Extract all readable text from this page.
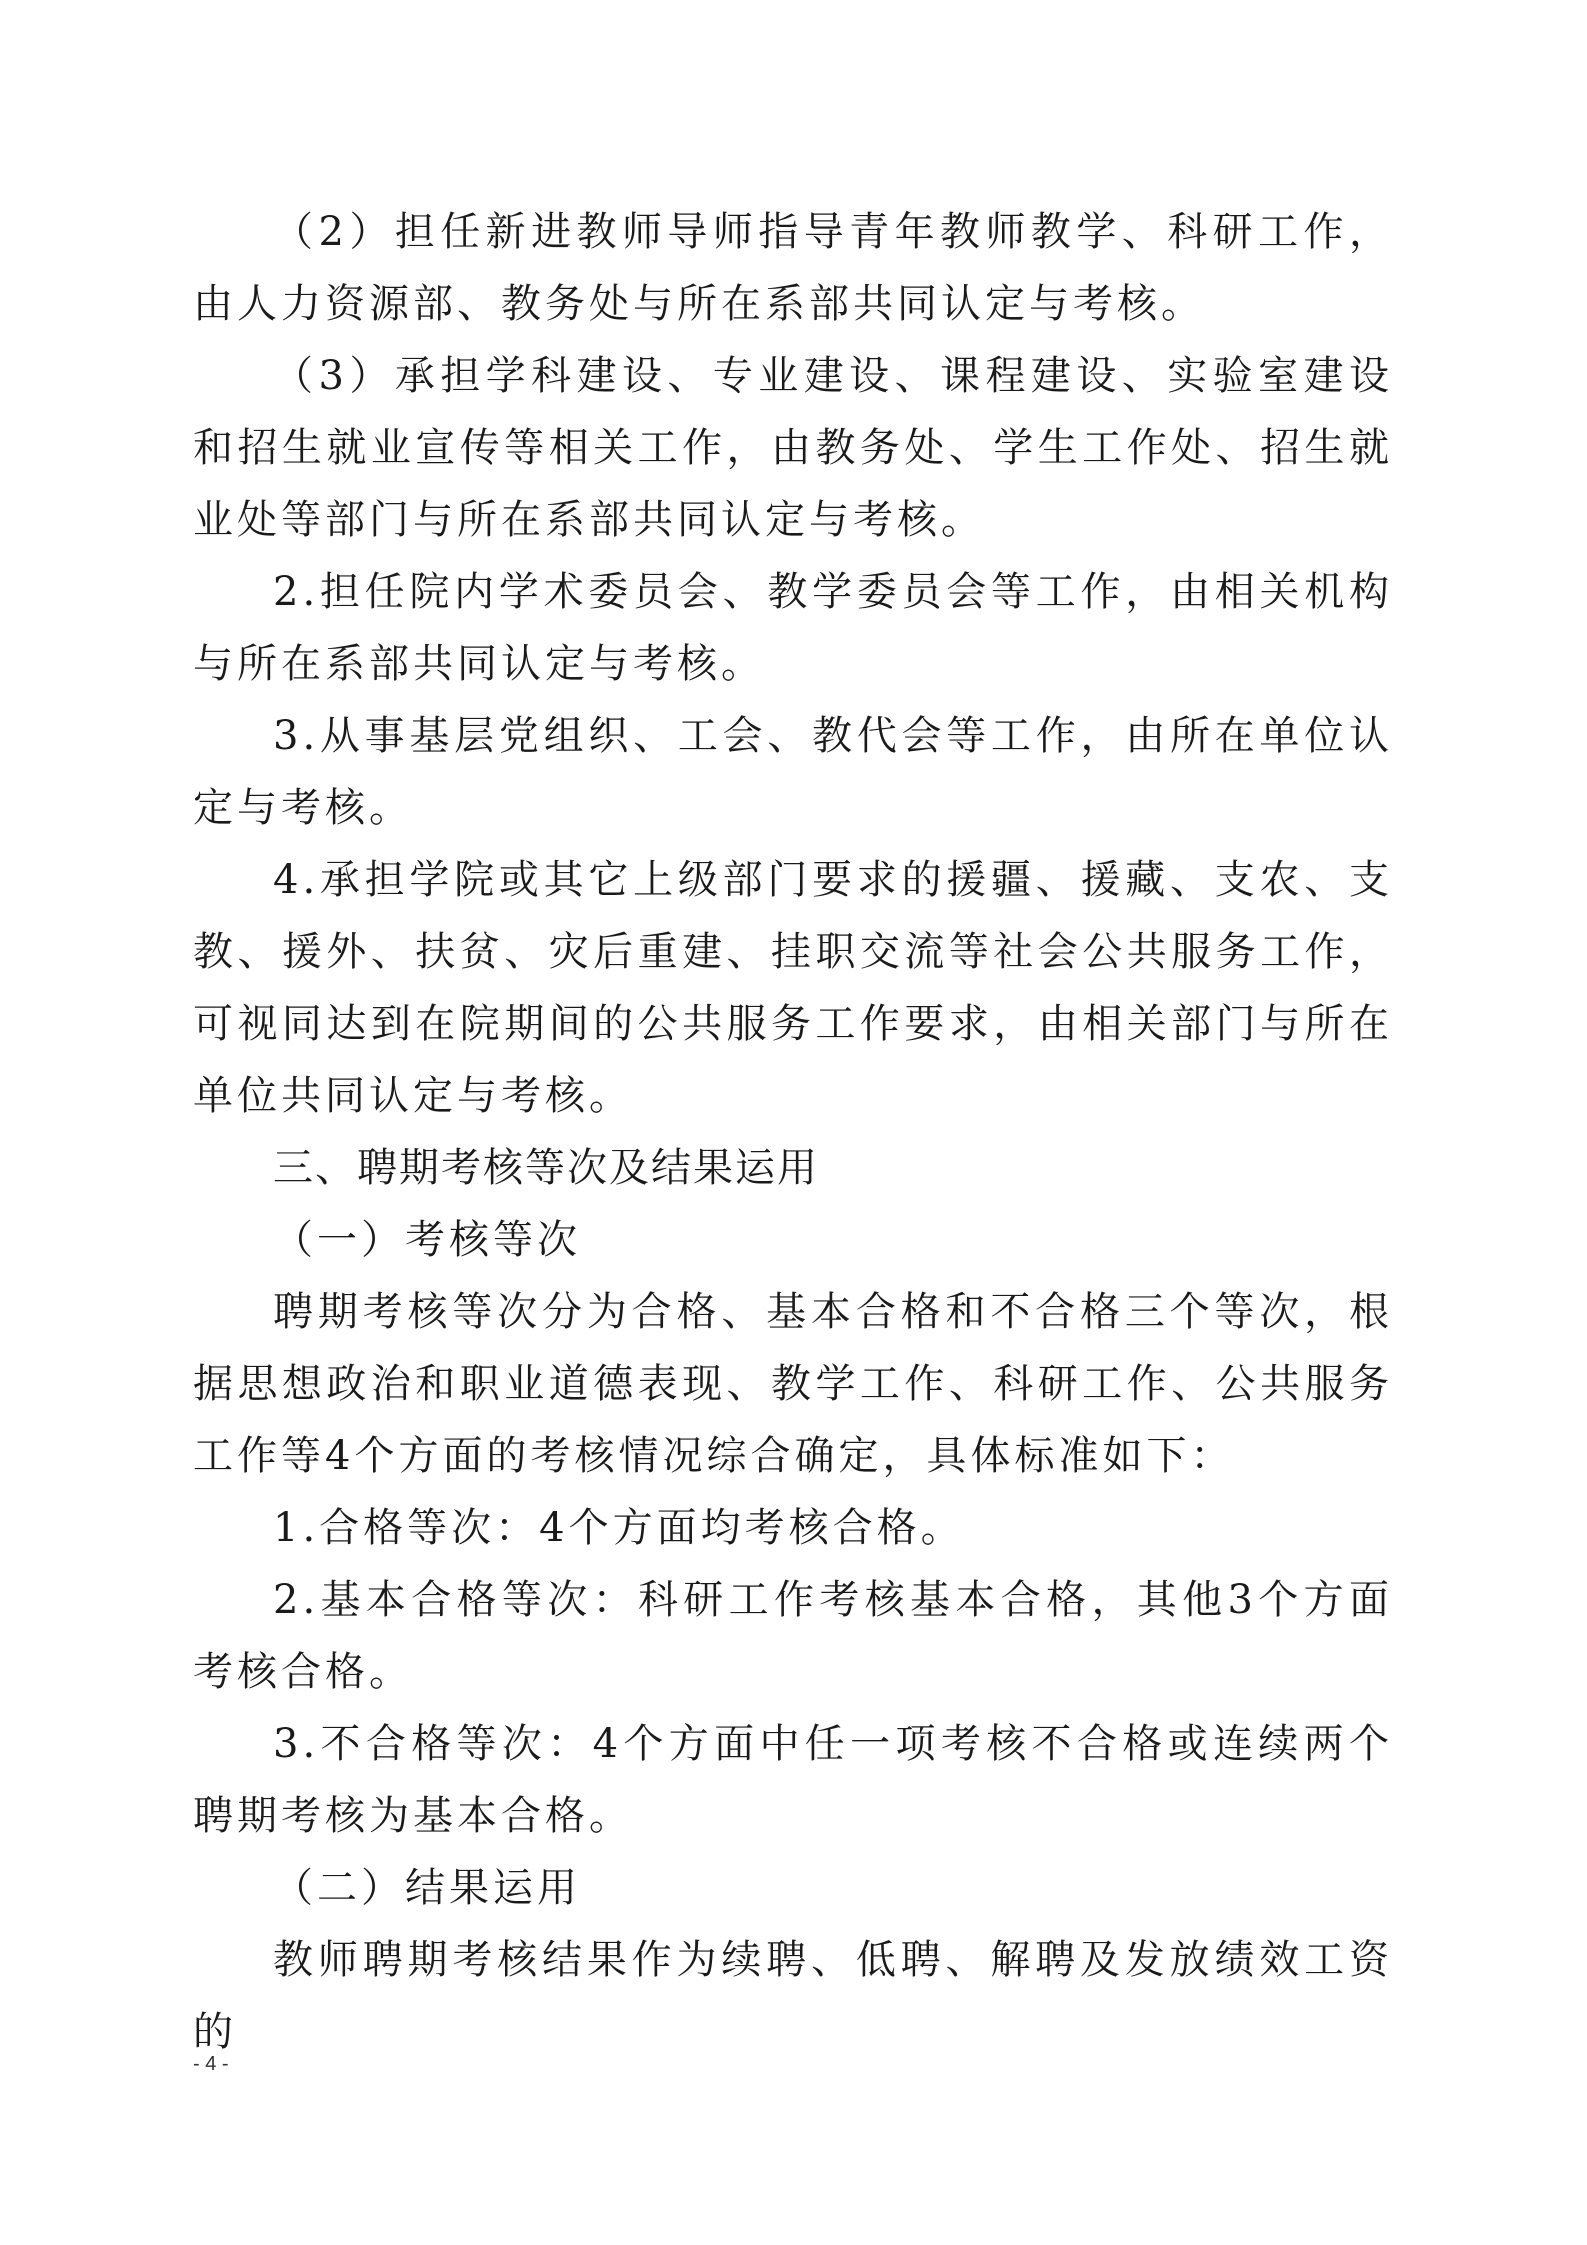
（2）担任新进教师导师指导青年教师教学、科研工作，由人力资源部、教务处与所在系部共同认定与考核。

（3）承担学科建设、专业建设、课程建设、实验室建设和招生就业宣传等相关工作，由教务处、学生工作处、招生就业处等部门与所在系部共同认定与考核。

2.担任院内学术委员会、教学委员会等工作，由相关机构与所在系部共同认定与考核。

3.从事基层党组织、工会、教代会等工作，由所在单位认定与考核。

4.承担学院或其它上级部门要求的援疆、援藏、支农、支教、援外、扶贫、灾后重建、挂职交流等社会公共服务工作，可视同达到在院期间的公共服务工作要求，由相关部门与所在单位共同认定与考核。

三、聘期考核等次及结果运用

（一）考核等次

聘期考核等次分为合格、基本合格和不合格三个等次，根据思想政治和职业道德表现、教学工作、科研工作、公共服务工作等4个方面的考核情况综合确定，具体标准如下：

1.合格等次：4个方面均考核合格。

2.基本合格等次：科研工作考核基本合格，其他3个方面考核合格。

3.不合格等次：4个方面中任一项考核不合格或连续两个聘期考核为基本合格。

（二）结果运用

教师聘期考核结果作为续聘、低聘、解聘及发放绩效工资的

- 4 -
